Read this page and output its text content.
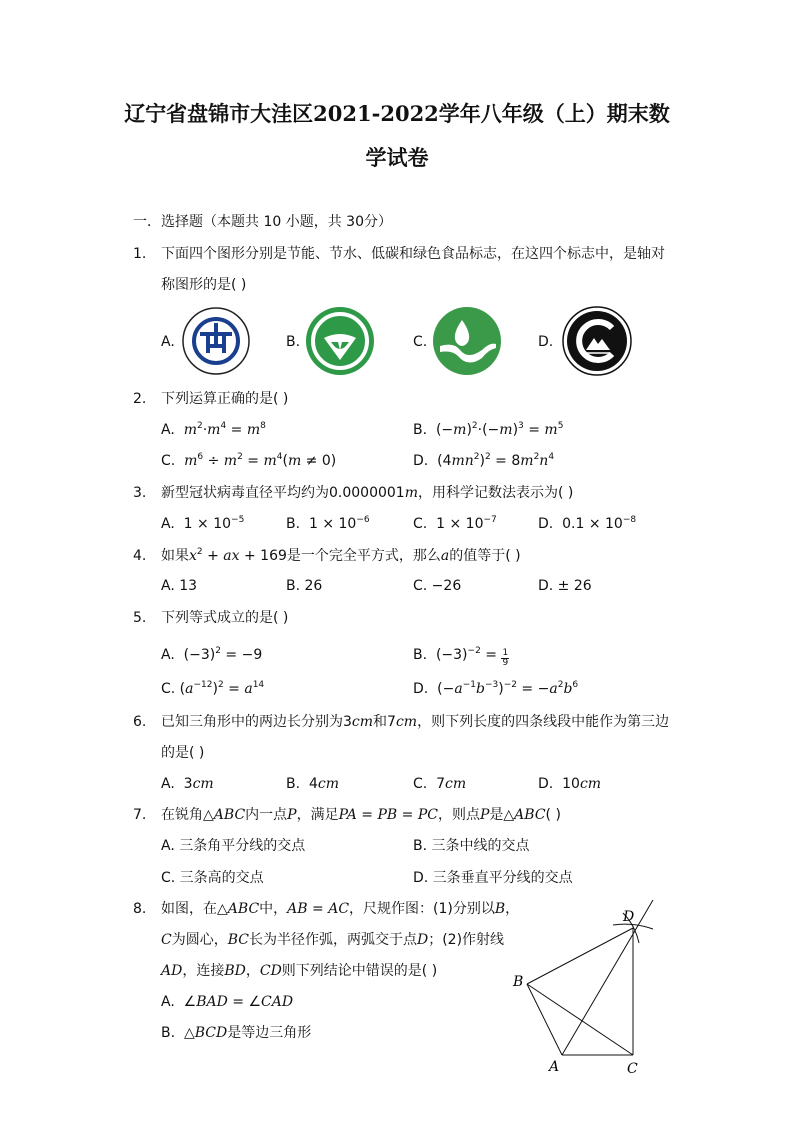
辽宁省盘锦市大洼区2021-2022学年八年级（上）期末数
学试卷
一．选择题（本题共 10 小题，共 30分）
1. 下面四个图形分别是节能、节水、低碳和绿色食品标志，在这四个标志中，是轴对
称图形的是( )
A.	B.	C.	D.
2. 下列运算正确的是( )
A.  $m^2\cdot m^4 = m^8$	B.  $(-m)^2\cdot(-m)^3 = m^5$
C.  $m^6 \div m^2 = m^4(m \ne 0)$	D.  $(4mn^2)^2 = 8m^2n^4$
3. 新型冠状病毒直径平均约为0.0000001m，用科学记数法表示为( )
A.  $1 \times 10^{-5}$	B.  $1 \times 10^{-6}$	C.  $1 \times 10^{-7}$	D.  $0.1 \times 10^{-8}$
4. 如果$x^2$ + ax + 169是一个完全平方式，那么a的值等于( )
A. 13	B. 26	C. −26	D. ± 26
5. 下列等式成立的是( )
A.  $(-3)^2 = -9$	B.  $(-3)^{-2} = \frac{1}{9}$
C. $(a^{-12})^2 = a^{14}$	D.  $(-a^{-1}b^{-3})^{-2} = -a^2b^6$
6. 已知三角形中的两边长分别为3cm和7cm，则下列长度的四条线段中能作为第三边
的是( )
A.  3cm	B.  4cm	C.  7cm	D.  10cm
7. 在锐角△ABC内一点P，满足PA = PB = PC，则点P是△ABC( )
A. 三条角平分线的交点	B. 三条中线的交点
C. 三条高的交点	D. 三条垂直平分线的交点
8. 如图，在△ABC中，AB = AC，尺规作图：(1)分别以B，
C为圆心，BC长为半径作弧，两弧交于点D；(2)作射线
AD，连接BD，CD则下列结论中错误的是( )
A.  ∠BAD = ∠CAD
B.  △BCD是等边三角形
D
B
A	C
